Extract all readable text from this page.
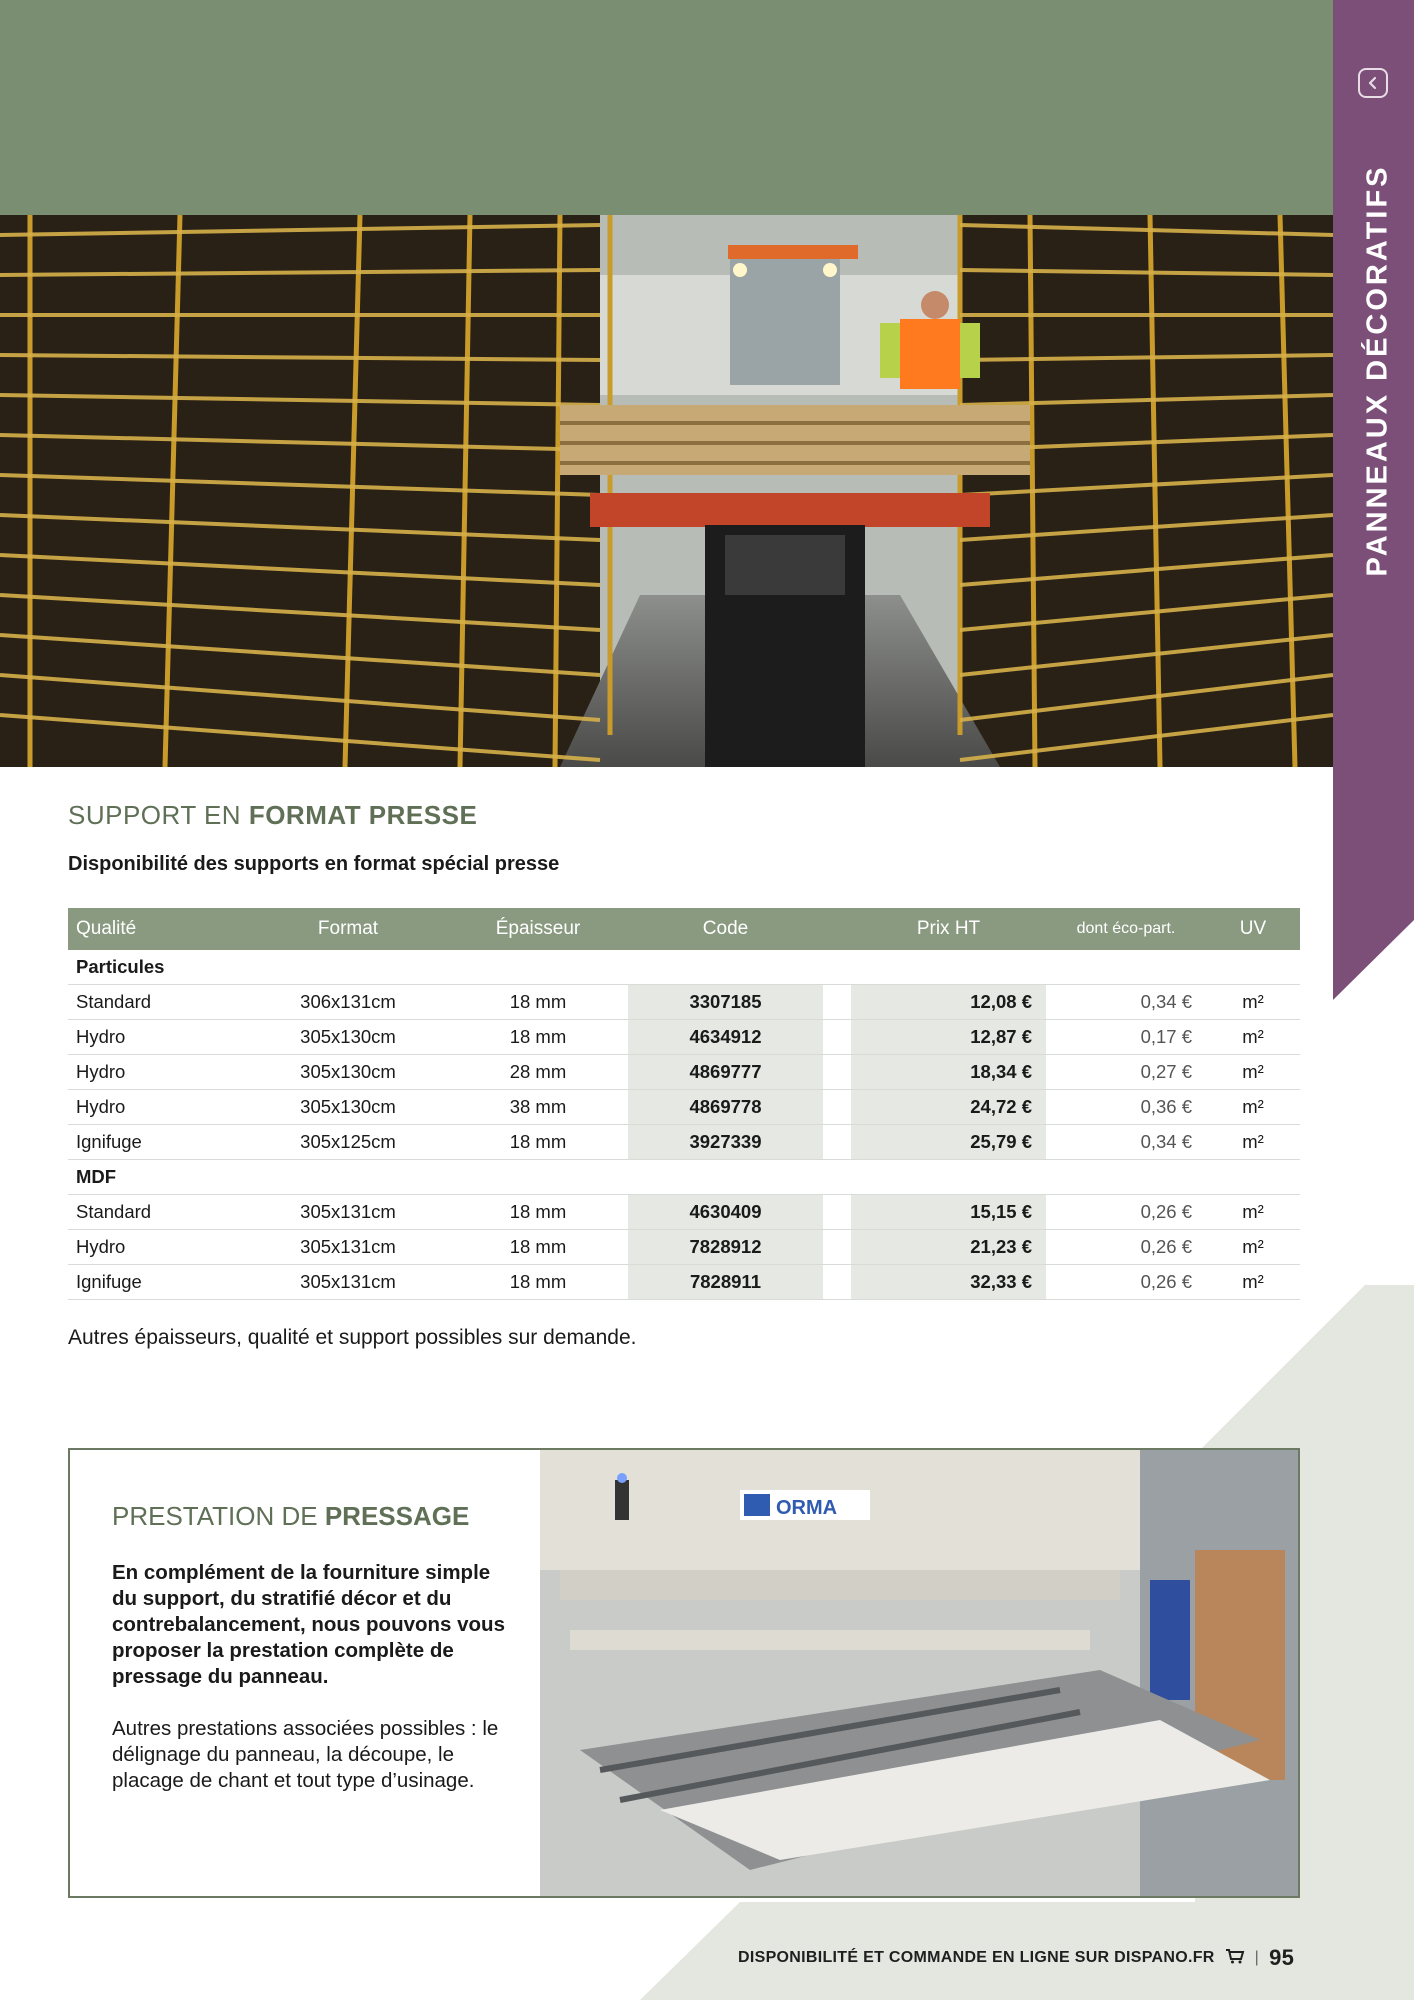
PANNEAUX DÉCORATIFS
SUPPORT EN FORMAT PRESSE

Disponibilité des supports en format spécial presse

Qualité	Format	Épaisseur	Code		Prix HT	dont éco-part.	UV
Particules							
Standard	306x131cm	18 mm	3307185		12,08 €	0,34 €	m²
Hydro	305x130cm	18 mm	4634912		12,87 €	0,17 €	m²
Hydro	305x130cm	28 mm	4869777		18,34 €	0,27 €	m²
Hydro	305x130cm	38 mm	4869778		24,72 €	0,36 €	m²
Ignifuge	305x125cm	18 mm	3927339		25,79 €	0,34 €	m²
MDF							
Standard	305x131cm	18 mm	4630409		15,15 €	0,26 €	m²
Hydro	305x131cm	18 mm	7828912		21,23 €	0,26 €	m²
Ignifuge	305x131cm	18 mm	7828911		32,33 €	0,26 €	m²

Autres épaisseurs, qualité et support possibles sur demande.

PRESTATION DE PRESSAGE

En complément de la fourniture simple du support, du stratifié décor et du contrebalancement, nous pouvons vous proposer la prestation complète de pressage du panneau.

Autres prestations associées possibles : le délignage du panneau, la découpe, le placage de chant et tout type d’usinage.

ORMA
DISPONIBILITÉ ET COMMANDE EN LIGNE SUR DISPANO.FR	| 95
